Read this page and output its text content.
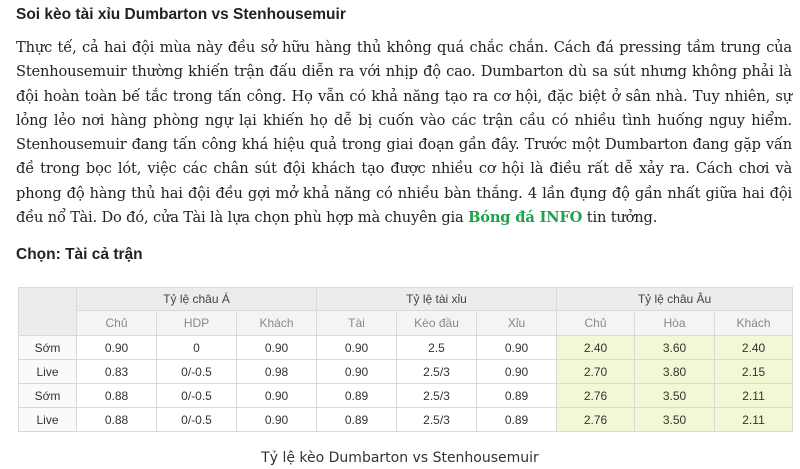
Soi kèo tài xỉu Dumbarton vs Stenhousemuir

Thực tế, cả hai đội mùa này đều sở hữu hàng thủ không quá chắc chắn. Cách đá pressing tầm trung của Stenhousemuir thường khiến trận đấu diễn ra với nhịp độ cao. Dumbarton dù sa sút nhưng không phải là đội hoàn toàn bế tắc trong tấn công. Họ vẫn có khả năng tạo ra cơ hội, đặc biệt ở sân nhà. Tuy nhiên, sự lỏng lẻo nơi hàng phòng ngự lại khiến họ dễ bị cuốn vào các trận cầu có nhiều tình huống nguy hiểm. Stenhousemuir đang tấn công khá hiệu quả trong giai đoạn gần đây. Trước một Dumbarton đang gặp vấn đề trong bọc lót, việc các chân sút đội khách tạo được nhiều cơ hội là điều rất dễ xảy ra. Cách chơi và phong độ hàng thủ hai đội đều gợi mở khả năng có nhiều bàn thắng. 4 lần đụng độ gần nhất giữa hai đội đều nổ Tài. Do đó, cửa Tài là lựa chọn phù hợp mà chuyên gia Bóng đá INFO tin tưởng.

Chọn: Tài cả trận
	Tỷ lệ châu Á			Tỷ lệ tài xỉu			Tỷ lệ châu Âu		
	Chủ	HDP	Khách	Tài	Kèo đầu	Xỉu	Chủ	Hòa	Khách
Sớm	0.90	0	0.90	0.90	2.5	0.90	2.40	3.60	2.40
Live	0.83	0/-0.5	0.98	0.90	2.5/3	0.90	2.70	3.80	2.15
Sớm	0.88	0/-0.5	0.90	0.89	2.5/3	0.89	2.76	3.50	2.11
Live	0.88	0/-0.5	0.90	0.89	2.5/3	0.89	2.76	3.50	2.11
Tỷ lệ kèo Dumbarton vs Stenhousemuir
